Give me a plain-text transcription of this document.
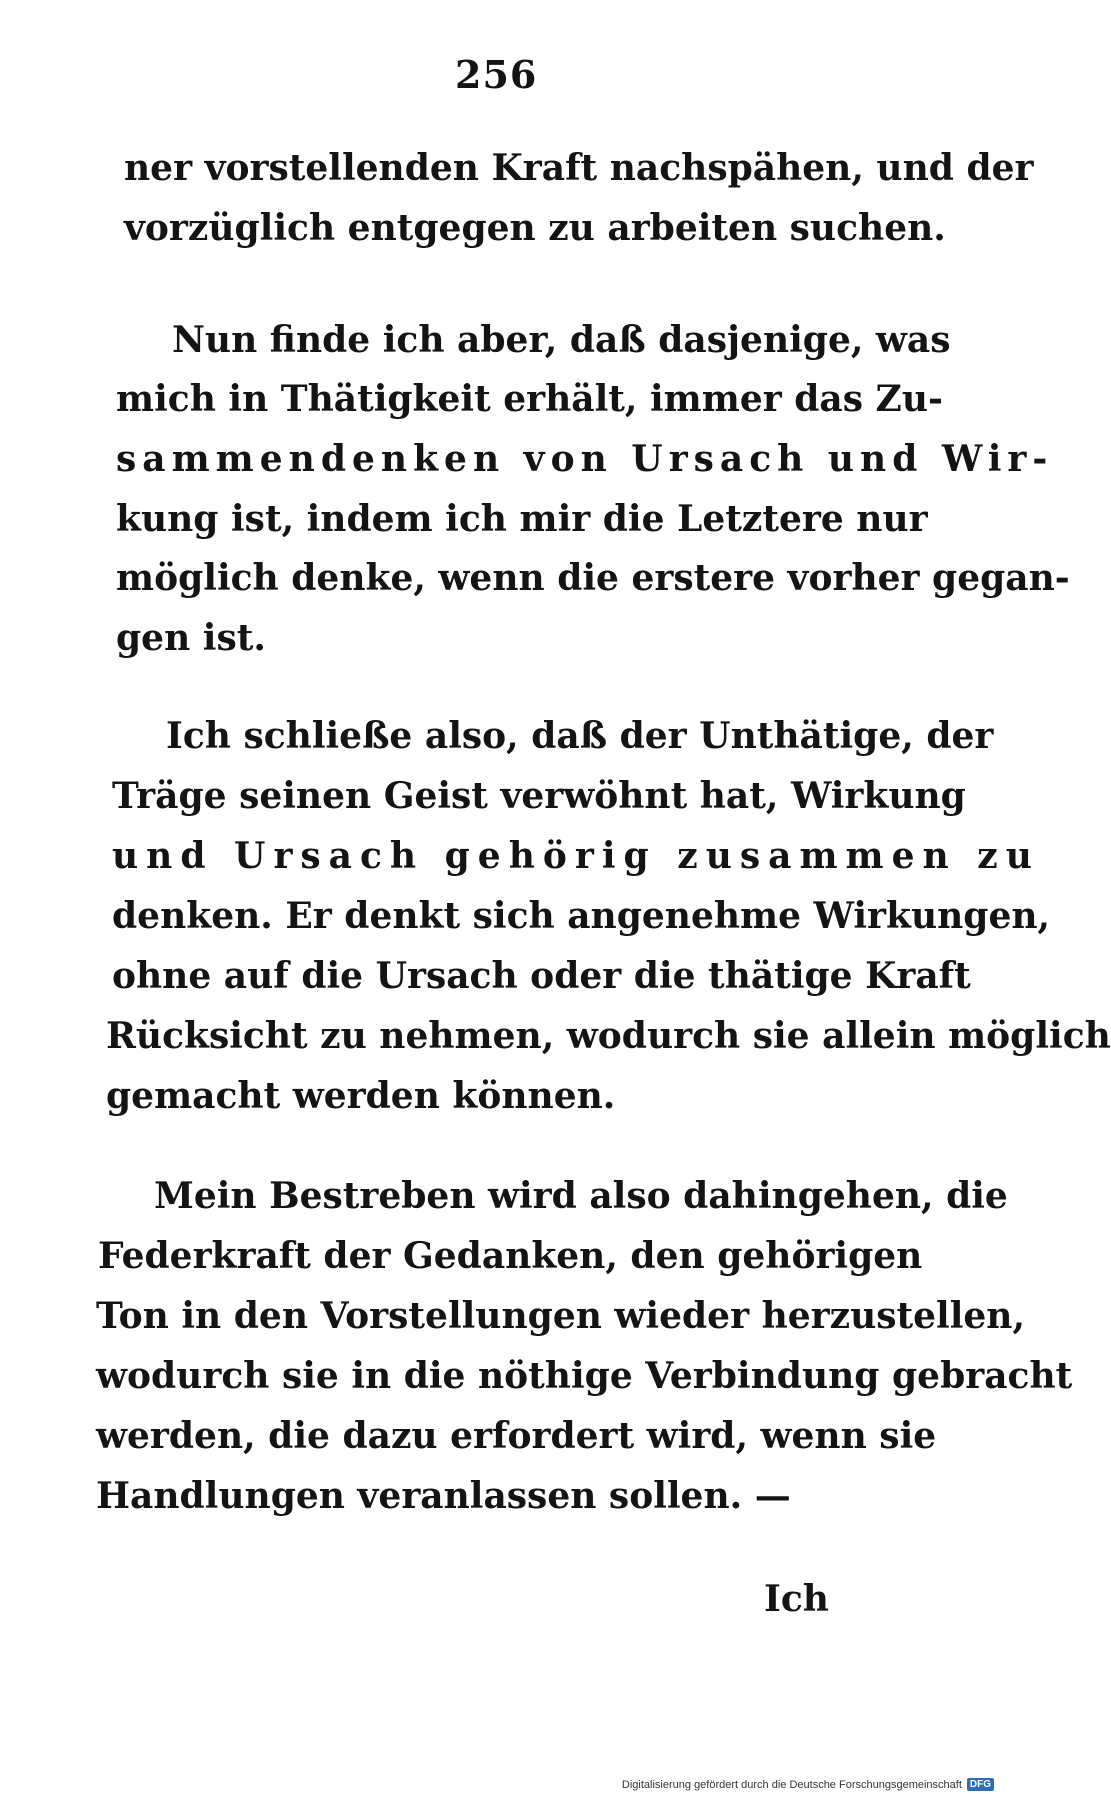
256
ner vorstellenden Kraft nachspähen, und der
vorzüglich entgegen zu arbeiten suchen.
Nun finde ich aber, daß dasjenige, was
mich in Thätigkeit erhält, immer das Zu-
sammendenken von Ursach und Wir-
kung ist, indem ich mir die Letztere nur
möglich denke, wenn die erstere vorher gegan-
gen ist.
Ich schließe also, daß der Unthätige, der
Träge seinen Geist verwöhnt hat, Wirkung
und Ursach gehörig zusammen zu
denken. Er denkt sich angenehme Wirkungen,
ohne auf die Ursach oder die thätige Kraft
Rücksicht zu nehmen, wodurch sie allein möglich
gemacht werden können.
Mein Bestreben wird also dahingehen, die
Federkraft der Gedanken, den gehörigen
Ton in den Vorstellungen wieder herzustellen,
wodurch sie in die nöthige Verbindung gebracht
werden, die dazu erfordert wird, wenn sie
Handlungen veranlassen sollen. —
Ich
Digitalisierung gefördert durch die Deutsche Forschungsgemeinschaft DFG
